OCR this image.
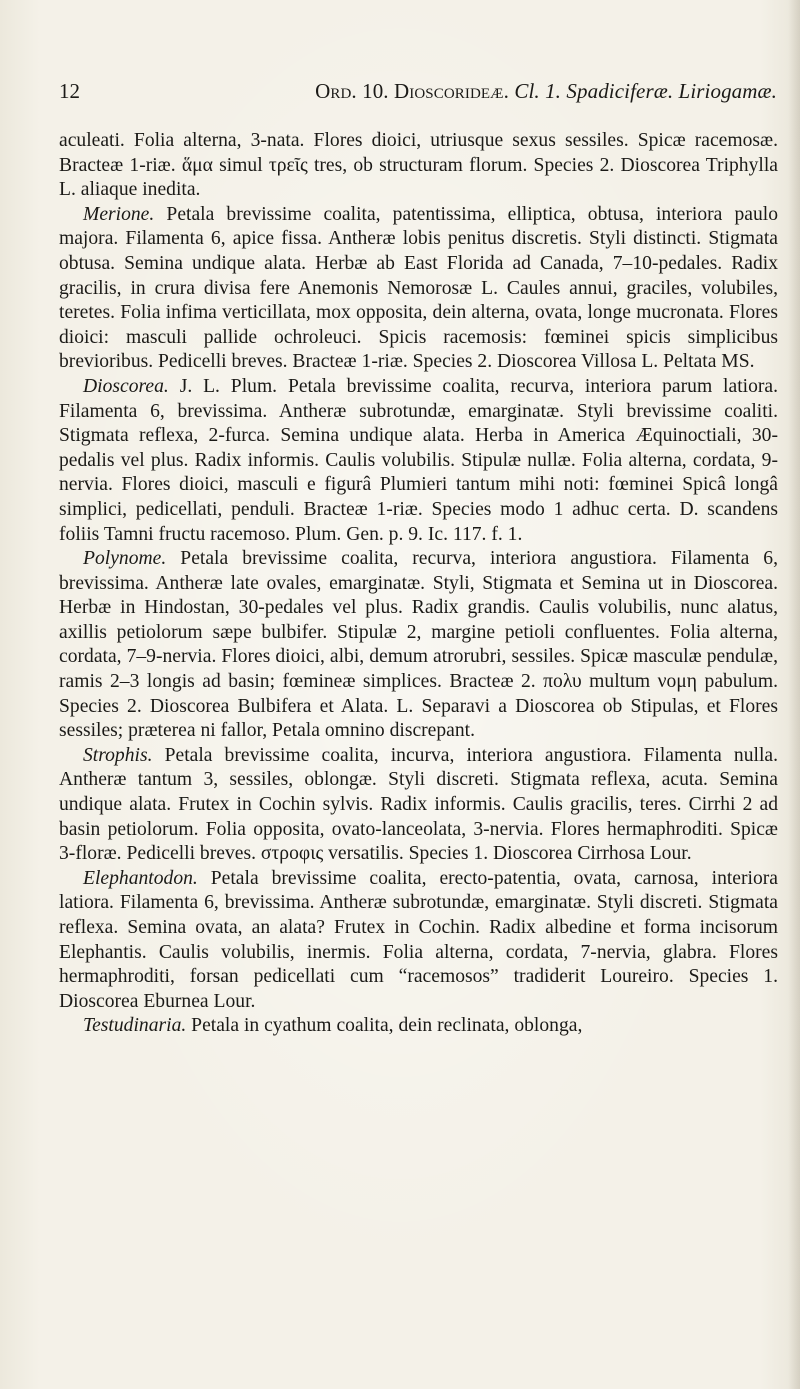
12	Ord. 10. Dioscorideæ. Cl. 1. Spadiciferæ. Liriogamæ.

aculeati. Folia alterna, 3-nata. Flores dioici, utriusque sexus sessiles. Spicæ racemosæ. Bracteæ 1-riæ. ἅμα simul τρεῖς tres, ob structuram florum. Species 2. Dioscorea Triphylla L. aliaque inedita.

Merione. Petala brevissime coalita, patentissima, elliptica, obtusa, interiora paulo majora. Filamenta 6, apice fissa. Antheræ lobis penitus discretis. Styli distincti. Stigmata obtusa. Semina undique alata. Herbæ ab East Florida ad Canada, 7–10-pedales. Radix gracilis, in crura divisa fere Anemonis Nemorosæ L. Caules annui, graciles, volubiles, teretes. Folia infima verticillata, mox opposita, dein alterna, ovata, longe mucronata. Flores dioici: masculi pallide ochroleuci. Spicis racemosis: fœminei spicis simplicibus brevioribus. Pedicelli breves. Bracteæ 1-riæ. Species 2. Dioscorea Villosa L. Peltata MS.

Dioscorea. J. L. Plum. Petala brevissime coalita, recurva, interiora parum latiora. Filamenta 6, brevissima. Antheræ subrotundæ, emarginatæ. Styli brevissime coaliti. Stigmata reflexa, 2-furca. Semina undique alata. Herba in America Æquinoctiali, 30-pedalis vel plus. Radix informis. Caulis volubilis. Stipulæ nullæ. Folia alterna, cordata, 9-nervia. Flores dioici, masculi e figurâ Plumieri tantum mihi noti: fœminei Spicâ longâ simplici, pedicellati, penduli. Bracteæ 1-riæ. Species modo 1 adhuc certa. D. scandens foliis Tamni fructu racemoso. Plum. Gen. p. 9. Ic. 117. f. 1.

Polynome. Petala brevissime coalita, recurva, interiora angustiora. Filamenta 6, brevissima. Antheræ late ovales, emarginatæ. Styli, Stigmata et Semina ut in Dioscorea. Herbæ in Hindostan, 30-pedales vel plus. Radix grandis. Caulis volubilis, nunc alatus, axillis petiolorum sæpe bulbifer. Stipulæ 2, margine petioli confluentes. Folia alterna, cordata, 7–9-nervia. Flores dioici, albi, demum atrorubri, sessiles. Spicæ masculæ pendulæ, ramis 2–3 longis ad basin; fœmineæ simplices. Bracteæ 2. πολυ multum νομη pabulum. Species 2. Dioscorea Bulbifera et Alata. L. Separavi a Dioscorea ob Stipulas, et Flores sessiles; præterea ni fallor, Petala omnino discrepant.

Strophis. Petala brevissime coalita, incurva, interiora angustiora. Filamenta nulla. Antheræ tantum 3, sessiles, oblongæ. Styli discreti. Stigmata reflexa, acuta. Semina undique alata. Frutex in Cochin sylvis. Radix informis. Caulis gracilis, teres. Cirrhi 2 ad basin petiolorum. Folia opposita, ovato-lanceolata, 3-nervia. Flores hermaphroditi. Spicæ 3-floræ. Pedicelli breves. στροφις versatilis. Species 1. Dioscorea Cirrhosa Lour.

Elephantodon. Petala brevissime coalita, erecto-patentia, ovata, carnosa, interiora latiora. Filamenta 6, brevissima. Antheræ subrotundæ, emarginatæ. Styli discreti. Stigmata reflexa. Semina ovata, an alata? Frutex in Cochin. Radix albedine et forma incisorum Elephantis. Caulis volubilis, inermis. Folia alterna, cordata, 7-nervia, glabra. Flores hermaphroditi, forsan pedicellati cum “racemosos” tradiderit Loureiro. Species 1. Dioscorea Eburnea Lour.

Testudinaria. Petala in cyathum coalita, dein reclinata, oblonga,
